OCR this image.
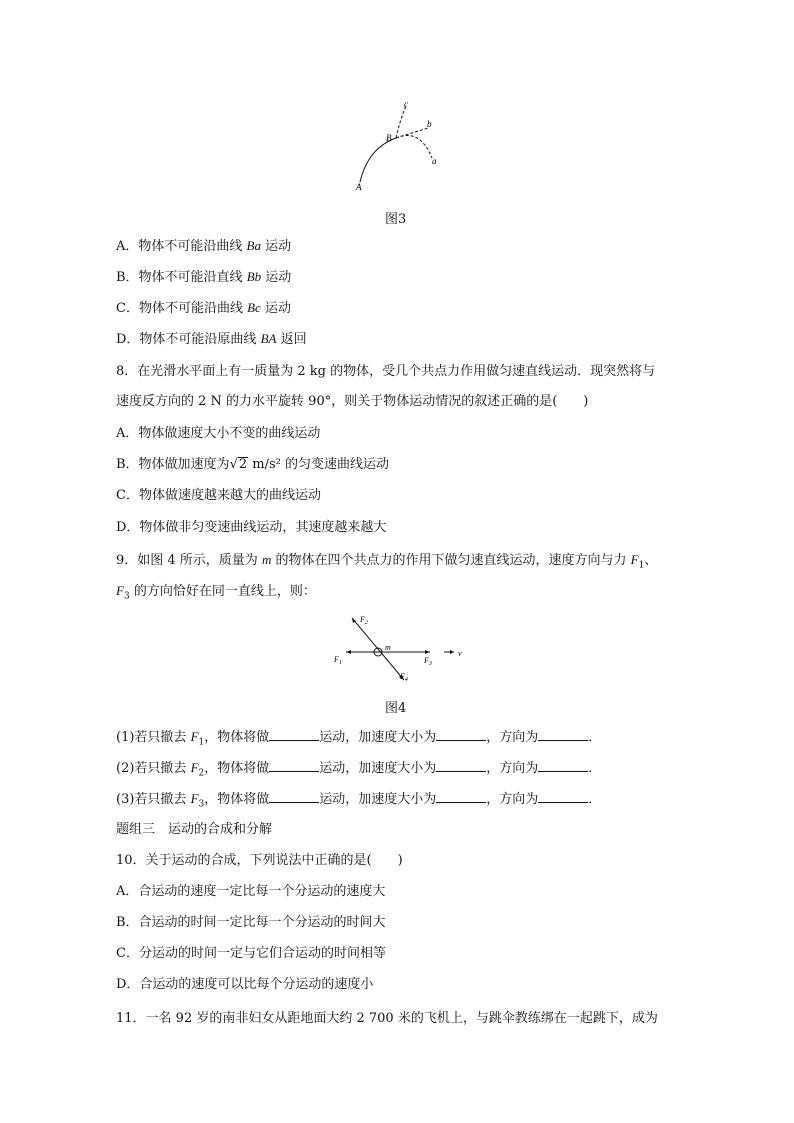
A
B
c
b
a
图3
A．物体不可能沿曲线 Ba 运动
B．物体不可能沿直线 Bb 运动
C．物体不可能沿曲线 Bc 运动
D．物体不可能沿原曲线 BA 返回
8．在光滑水平面上有一质量为 2 kg 的物体，受几个共点力作用做匀速直线运动．现突然将与
速度反方向的 2 N 的力水平旋转 90°，则关于物体运动情况的叙述正确的是(　　)
A．物体做速度大小不变的曲线运动
B．物体做加速度为√2 m/s² 的匀变速曲线运动
C．物体做速度越来越大的曲线运动
D．物体做非匀变速曲线运动，其速度越来越大
9．如图 4 所示，质量为 m 的物体在四个共点力的作用下做匀速直线运动，速度方向与力 $F_1$、
$F_3$ 的方向恰好在同一直线上，则：
$F_1$
$F_2$
$F_3$
$F_4$
m
v
图4
(1)若只撤去 $F_1$，物体将做	运动，加速度大小为	，方向为	．
(2)若只撤去 $F_2$，物体将做	运动，加速度大小为	，方向为	．
(3)若只撤去 $F_3$，物体将做	运动，加速度大小为	，方向为	．
题组三　运动的合成和分解
10．关于运动的合成，下列说法中正确的是(　　)
A．合运动的速度一定比每一个分运动的速度大
B．合运动的时间一定比每一个分运动的时间大
C．分运动的时间一定与它们合运动的时间相等
D．合运动的速度可以比每个分运动的速度小
11．一名 92 岁的南非妇女从距地面大约 2 700 米的飞机上，与跳伞教练绑在一起跳下，成为
